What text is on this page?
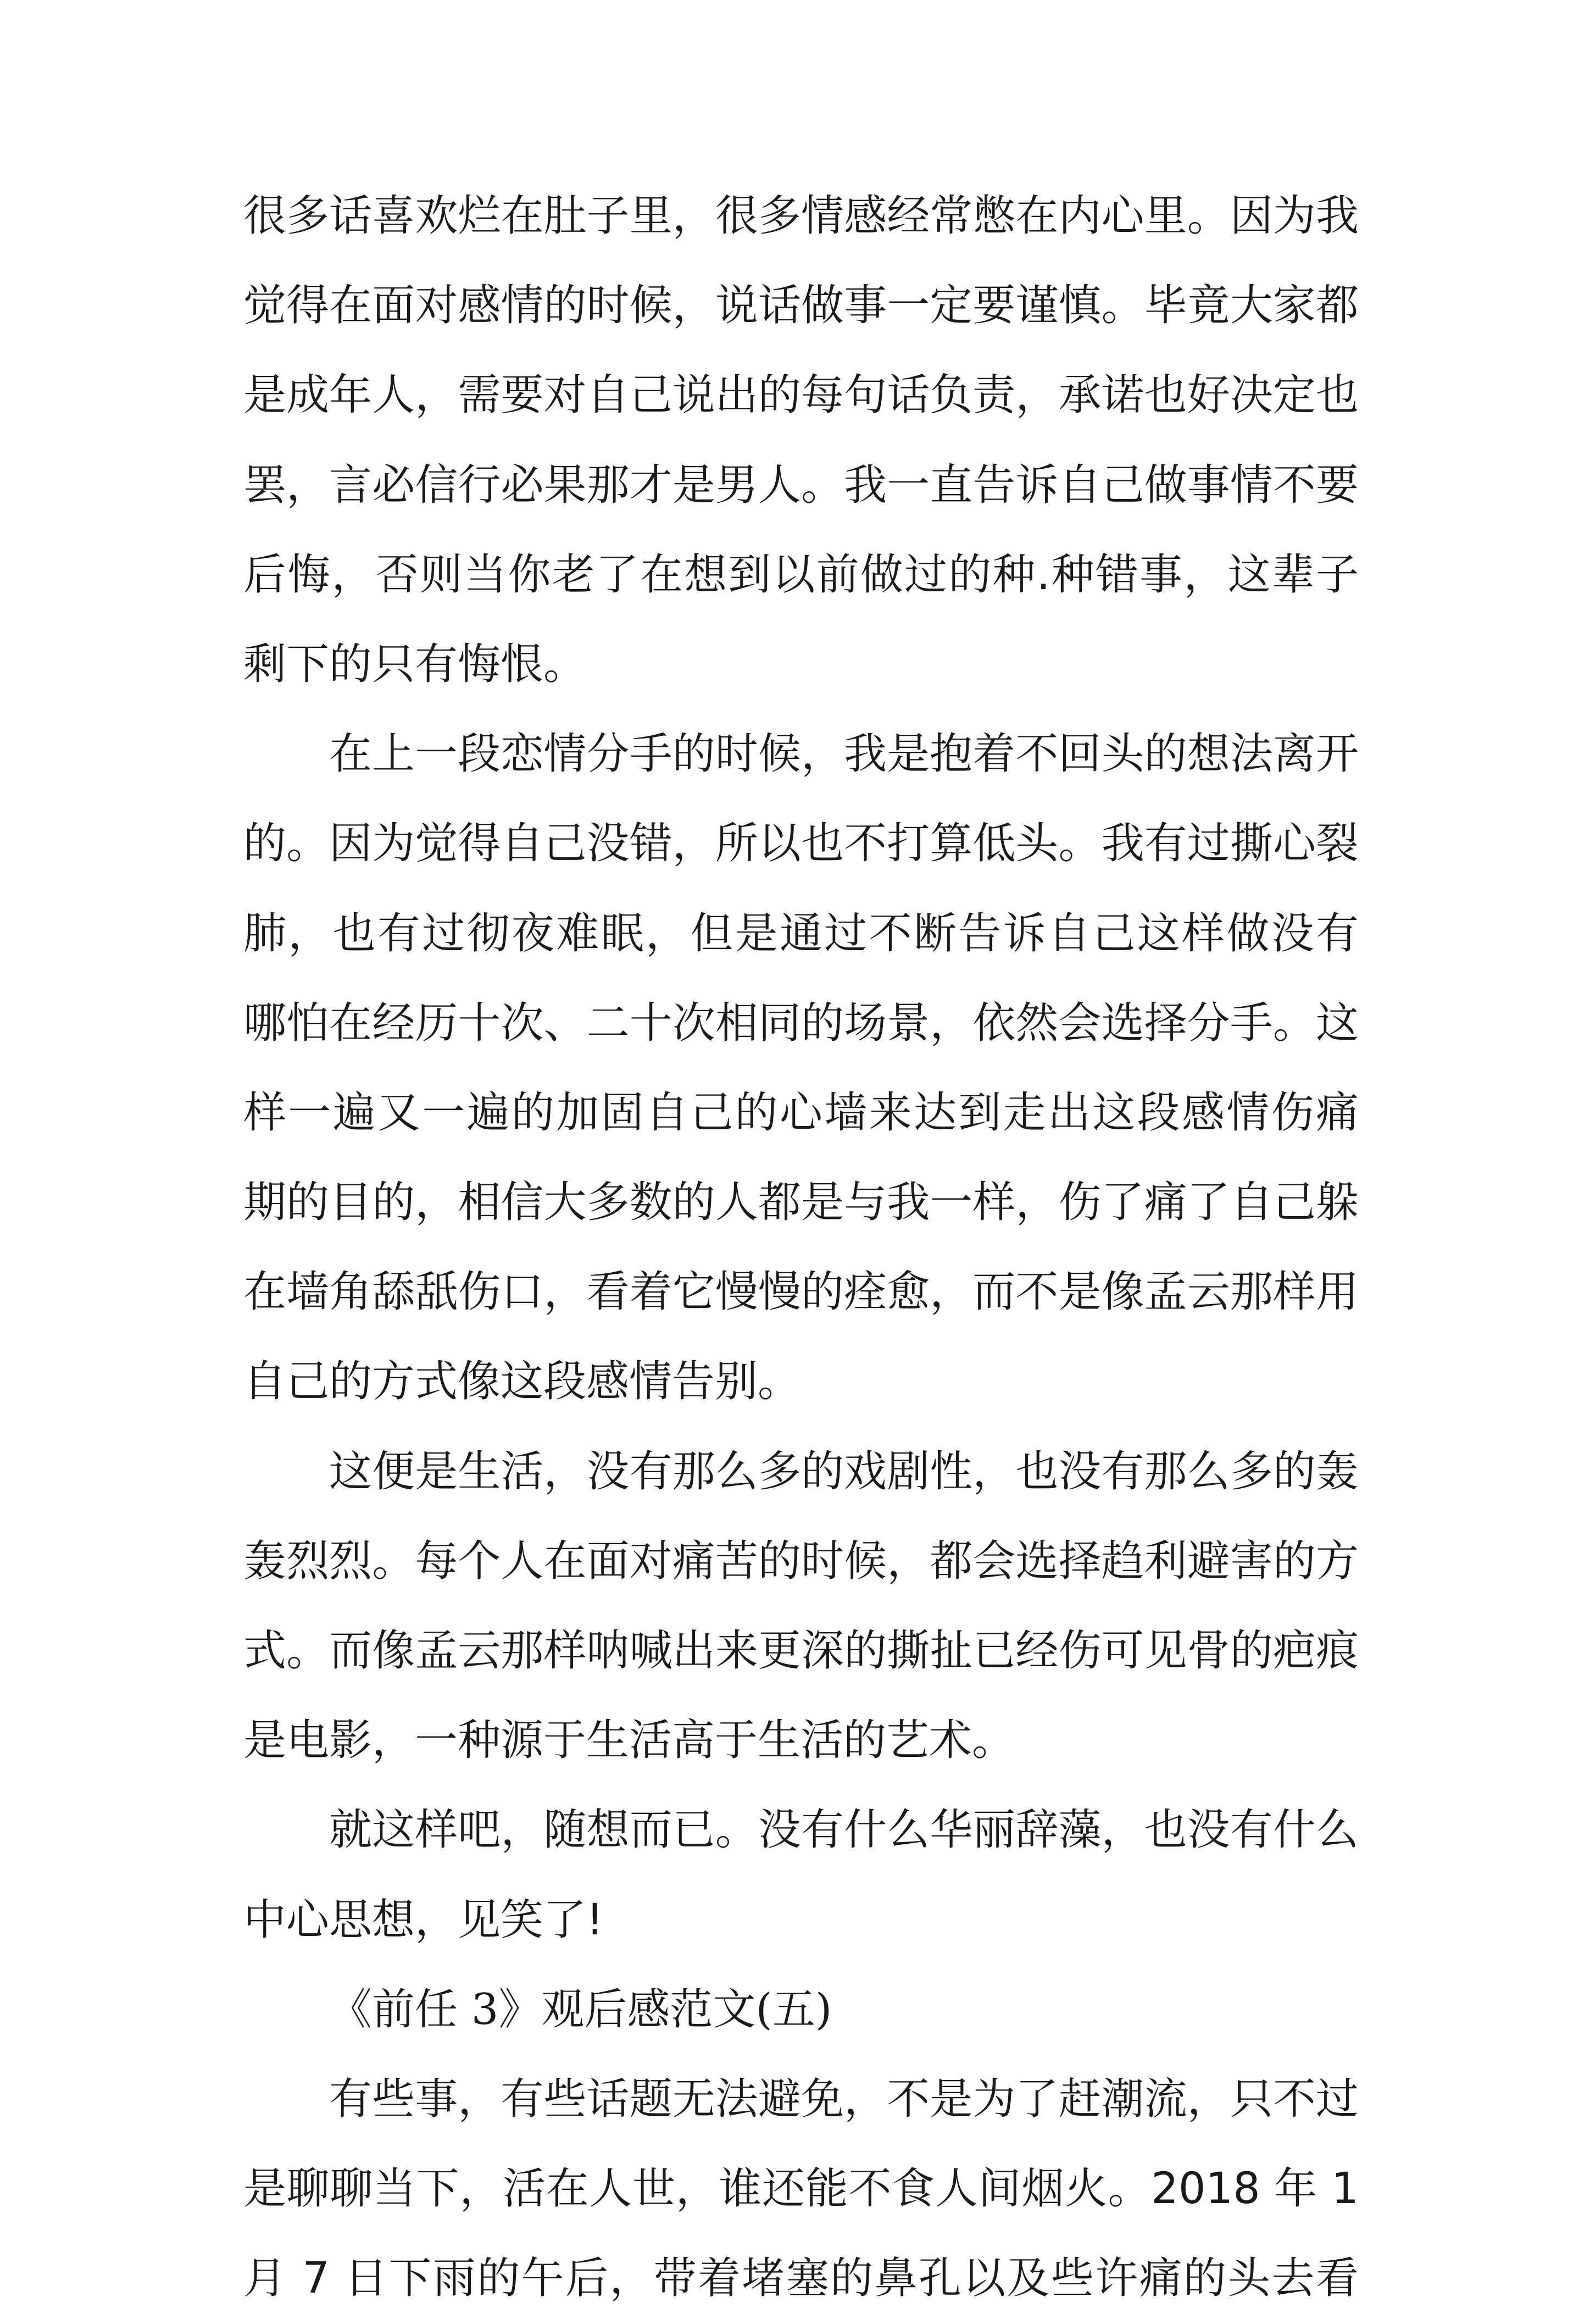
很多话喜欢烂在肚子里，很多情感经常憋在内心里。因为我
觉得在面对感情的时候，说话做事一定要谨慎。毕竟大家都
是成年人，需要对自己说出的每句话负责，承诺也好决定也
罢，言必信行必果那才是男人。我一直告诉自己做事情不要
后悔，否则当你老了在想到以前做过的种.种错事，这辈子
剩下的只有悔恨。
在上一段恋情分手的时候，我是抱着不回头的想法离开
的。因为觉得自己没错，所以也不打算低头。我有过撕心裂
肺，也有过彻夜难眠，但是通过不断告诉自己这样做没有
哪怕在经历十次、二十次相同的场景，依然会选择分手。这
样一遍又一遍的加固自己的心墙来达到走出这段感情伤痛
期的目的，相信大多数的人都是与我一样，伤了痛了自己躲
在墙角舔舐伤口，看着它慢慢的痊愈，而不是像孟云那样用
自己的方式像这段感情告别。
这便是生活，没有那么多的戏剧性，也没有那么多的轰
轰烈烈。每个人在面对痛苦的时候，都会选择趋利避害的方
式。而像孟云那样呐喊出来更深的撕扯已经伤可见骨的疤痕
是电影，一种源于生活高于生活的艺术。
就这样吧，随想而已。没有什么华丽辞藻，也没有什么
中心思想，见笑了!
《前任 3》观后感范文(五)
有些事，有些话题无法避免，不是为了赶潮流，只不过
是聊聊当下，活在人世，谁还能不食人间烟火。2018 年 1
月 7 日下雨的午后，带着堵塞的鼻孔以及些许痛的头去看
